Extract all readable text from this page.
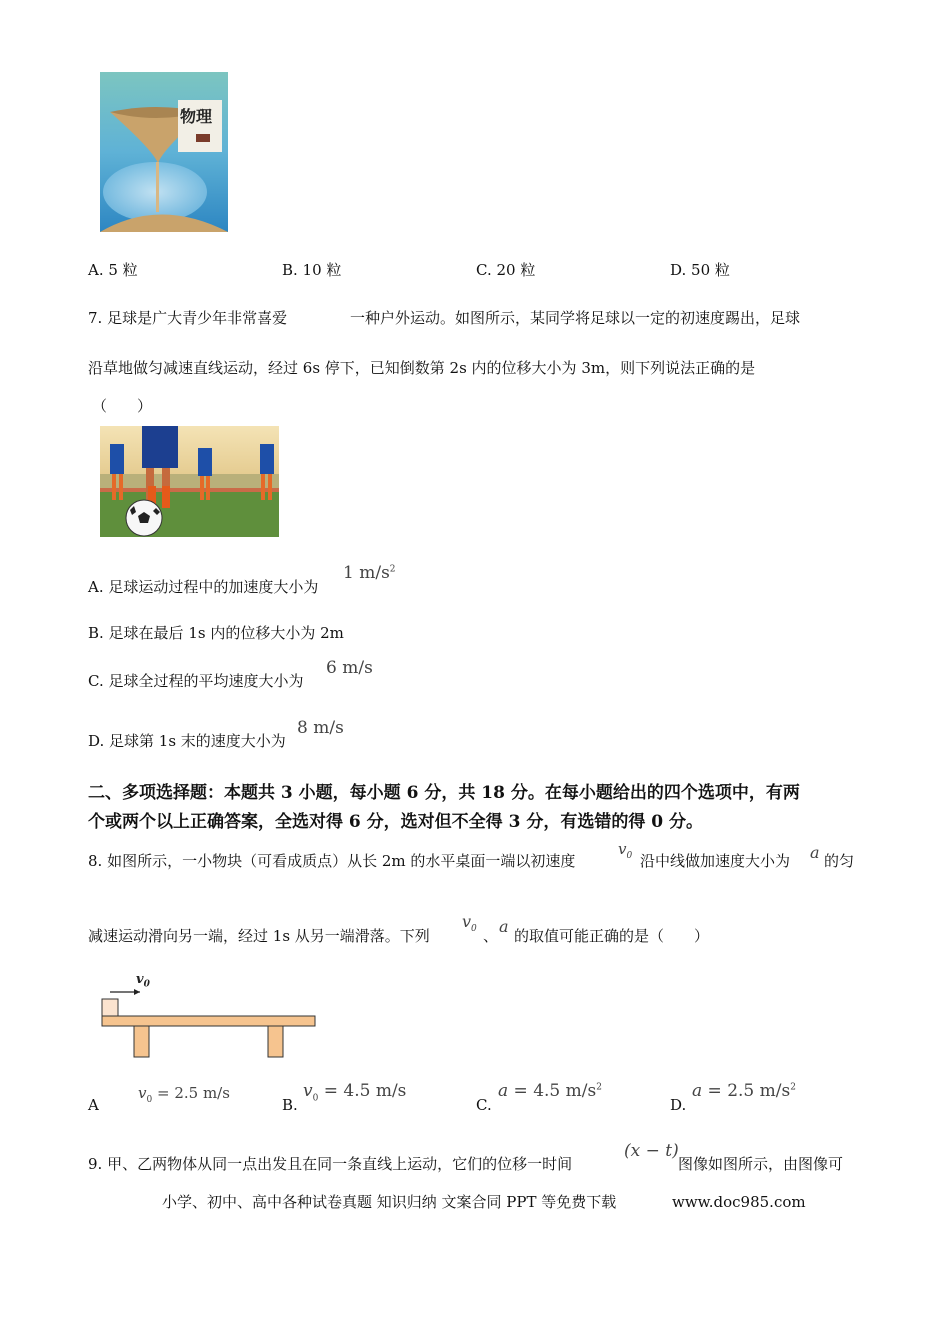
物理
A. 5 粒	B. 10 粒	C. 20 粒	D. 50 粒
7. 足球是广大青少年非常喜爱	一种户外运动。如图所示，某同学将足球以一定的初速度踢出，足球
沿草地做匀减速直线运动，经过 6s 停下，已知倒数第 2s 内的位移大小为 3m，则下列说法正确的是
（　　）
A. 足球运动过程中的加速度大小为
1 $m/s^2$
B. 足球在最后 1s 内的位移大小为 2m
C. 足球全过程的平均速度大小为
6 m/s
D. 足球第 1s 末的速度大小为
8 m/s
二、多项选择题：本题共 3 小题，每小题 6 分，共 18 分。在每小题给出的四个选项中，有两
个或两个以上正确答案，全选对得 6 分，选对但不全得 3 分，有选错的得 0 分。
8. 如图所示，一小物块（可看成质点）从长 2m 的水平桌面一端以初速度
$v_0$ 沿中线做加速度大小为 a 的匀
减速运动滑向另一端，经过 1s 从另一端滑落。下列
$v_0$ 、 a 的取值可能正确的是（　　）
$v_0$
A
$v_0 = 2.5$ m/s
B.
$v_0 = 4.5$ m/s
C.
a = 4.5 $m/s^2$
D.
a = 2.5 $m/s^2$
9. 甲、乙两物体从同一点出发且在同一条直线上运动，它们的位移一时间
(x − t)
图像如图所示，由图像可
小学、初中、高中各种试卷真题 知识归纳 文案合同 PPT 等免费下载	www.doc985.com
